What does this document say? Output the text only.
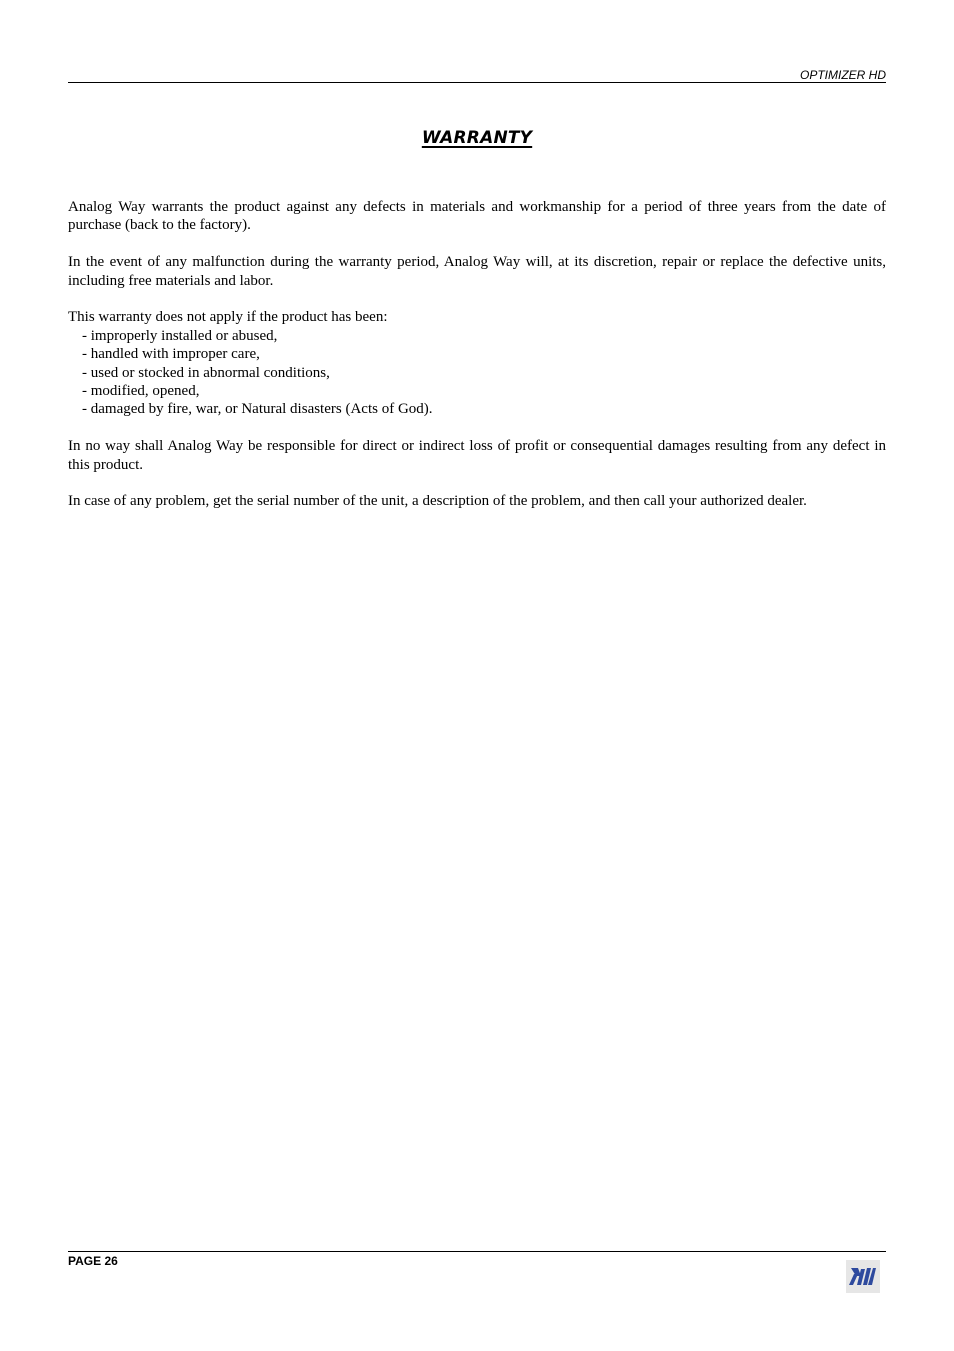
OPTIMIZER HD
WARRANTY

Analog Way warrants the product against any defects in materials and workmanship for a period of three years from the date of purchase (back to the factory).

In the event of any malfunction during the warranty period, Analog Way will, at its discretion, repair or replace the defective units, including free materials and labor.

This warranty does not apply if the product has been:
- improperly installed or abused,
- handled with improper care,
- used or stocked in abnormal conditions,
- modified, opened,
- damaged by fire, war, or Natural disasters (Acts of God).

In no way shall Analog Way be responsible for direct or indirect loss of profit or consequential damages resulting from any defect in this product.

In case of any problem, get the serial number of the unit, a description of the problem, and then call your authorized dealer.

PAGE 26
